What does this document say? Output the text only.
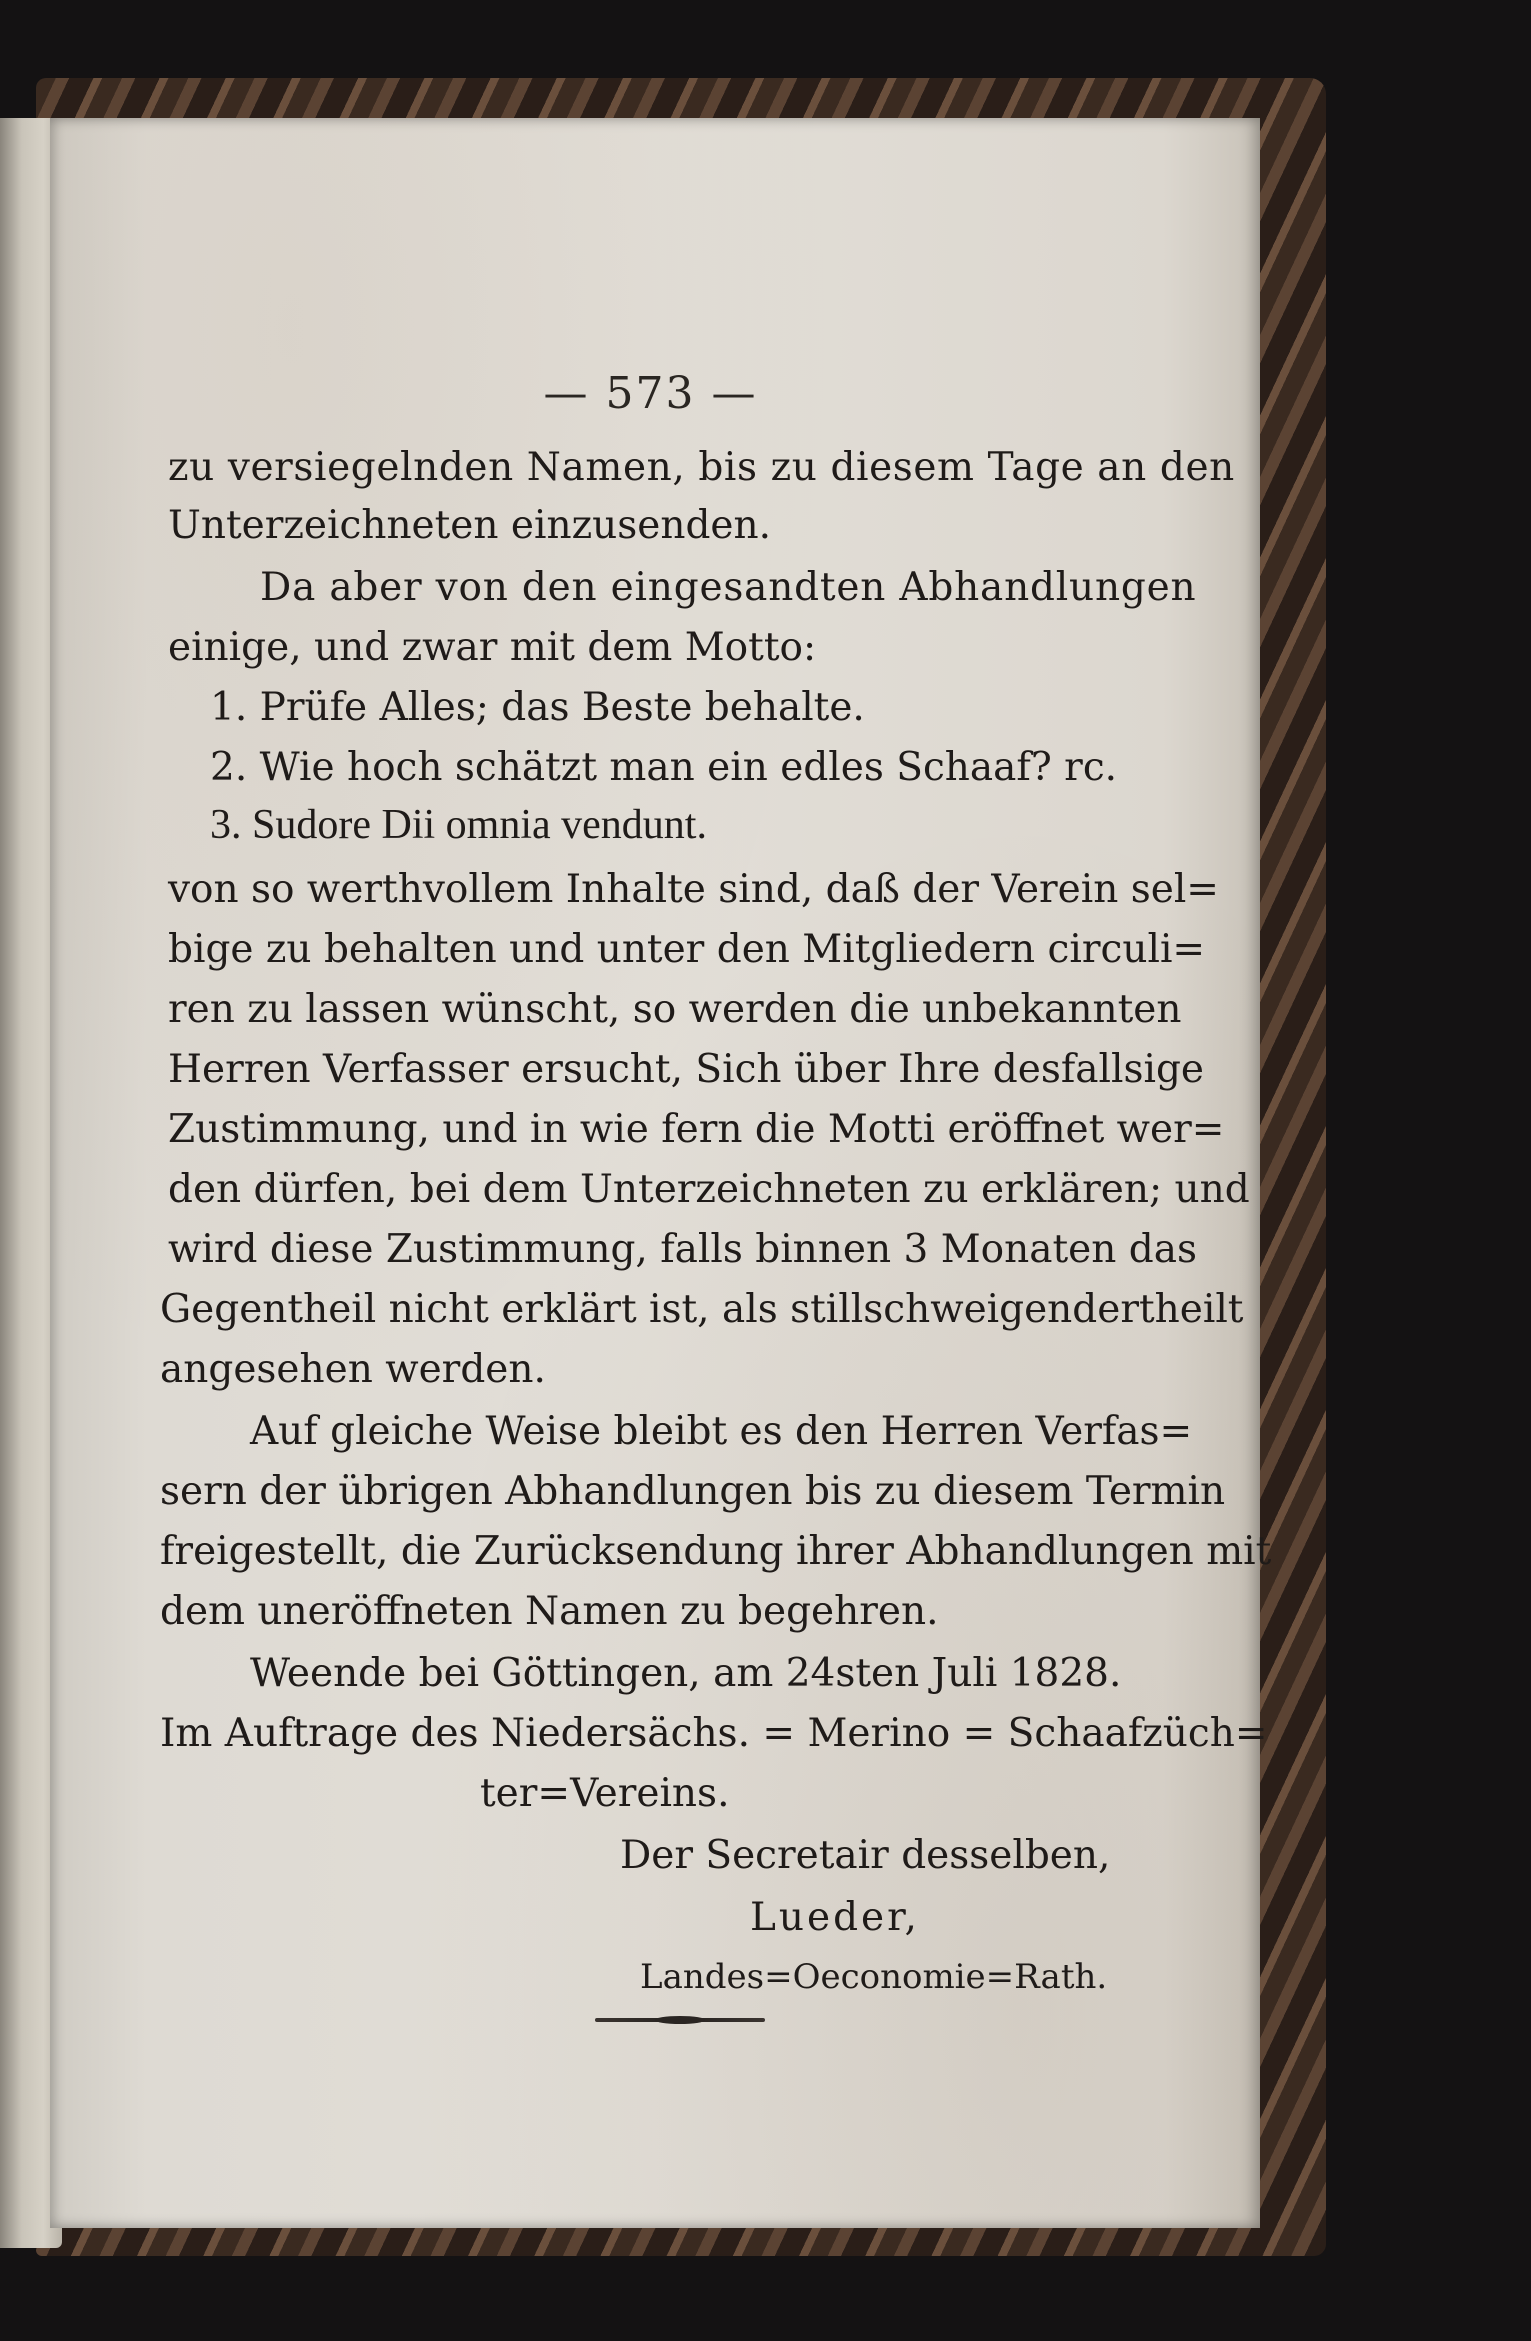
— 573 —
zu versiegelnden Namen, bis zu diesem Tage an den
Unterzeichneten einzusenden.
Da aber von den eingesandten Abhandlungen
einige, und zwar mit dem Motto:
1. Prüfe Alles; das Beste behalte.
2. Wie hoch schätzt man ein edles Schaaf? rc.
3. Sudore Dii omnia vendunt.
von so werthvollem Inhalte sind, daß der Verein sel=
bige zu behalten und unter den Mitgliedern circuli=
ren zu lassen wünscht, so werden die unbekannten
Herren Verfasser ersucht, Sich über Ihre desfallsige
Zustimmung, und in wie fern die Motti eröffnet wer=
den dürfen, bei dem Unterzeichneten zu erklären; und
wird diese Zustimmung, falls binnen 3 Monaten das
Gegentheil nicht erklärt ist, als stillschweigendertheilt
angesehen werden.
Auf gleiche Weise bleibt es den Herren Verfas=
sern der übrigen Abhandlungen bis zu diesem Termin
freigestellt, die Zurücksendung ihrer Abhandlungen mit
dem uneröffneten Namen zu begehren.
Weende bei Göttingen, am 24sten Juli 1828.
Im Auftrage des Niedersächs. = Merino = Schaafzüch=
ter=Vereins.
Der Secretair desselben,
Lueder,
Landes=Oeconomie=Rath.
